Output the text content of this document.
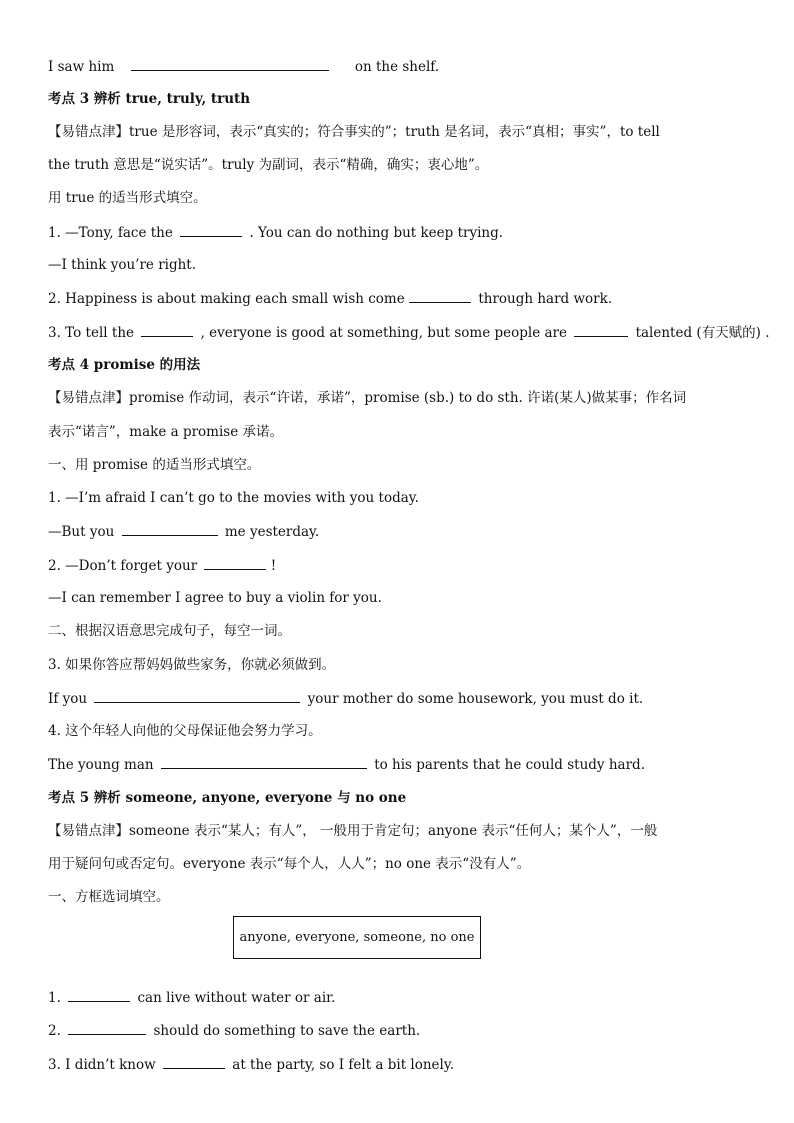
I saw him	on the shelf.
考点 3 辨析 true, truly, truth
【易错点津】true 是形容词，表示“真实的；符合事实的”；truth 是名词，表示“真相；事实”，to tell
the truth 意思是“说实话”。truly 为副词，表示“精确，确实；衷心地”。
用 true 的适当形式填空。
1. —Tony, face the	. You can do nothing but keep trying.
—I think you’re right.
2. Happiness is about making each small wish come	through hard work.
3. To tell the	, everyone is good at something, but some people are	talented (有天赋的) .
考点 4 promise 的用法
【易错点津】promise 作动词，表示“许诺，承诺”，promise (sb.) to do sth. 许诺(某人)做某事；作名词
表示“诺言”，make a promise 承诺。
一、用 promise 的适当形式填空。
1. —I’m afraid I can’t go to the movies with you today.
—But you	me yesterday.
2. —Don’t forget your	!
—I can remember I agree to buy a violin for you.
二、根据汉语意思完成句子，每空一词。
3. 如果你答应帮妈妈做些家务，你就必须做到。
If you	your mother do some housework, you must do it.
4. 这个年轻人向他的父母保证他会努力学习。
The young man	to his parents that he could study hard.
考点 5 辨析 someone, anyone, everyone 与 no one
【易错点津】someone 表示“某人；有人”， 一般用于肯定句；anyone 表示“任何人；某个人”，一般
用于疑问句或否定句。everyone 表示“每个人，人人”；no one 表示“没有人”。
一、方框选词填空。
anyone, everyone, someone, no one
1.	can live without water or air.
2.	should do something to save the earth.
3. I didn’t know	at the party, so I felt a bit lonely.
